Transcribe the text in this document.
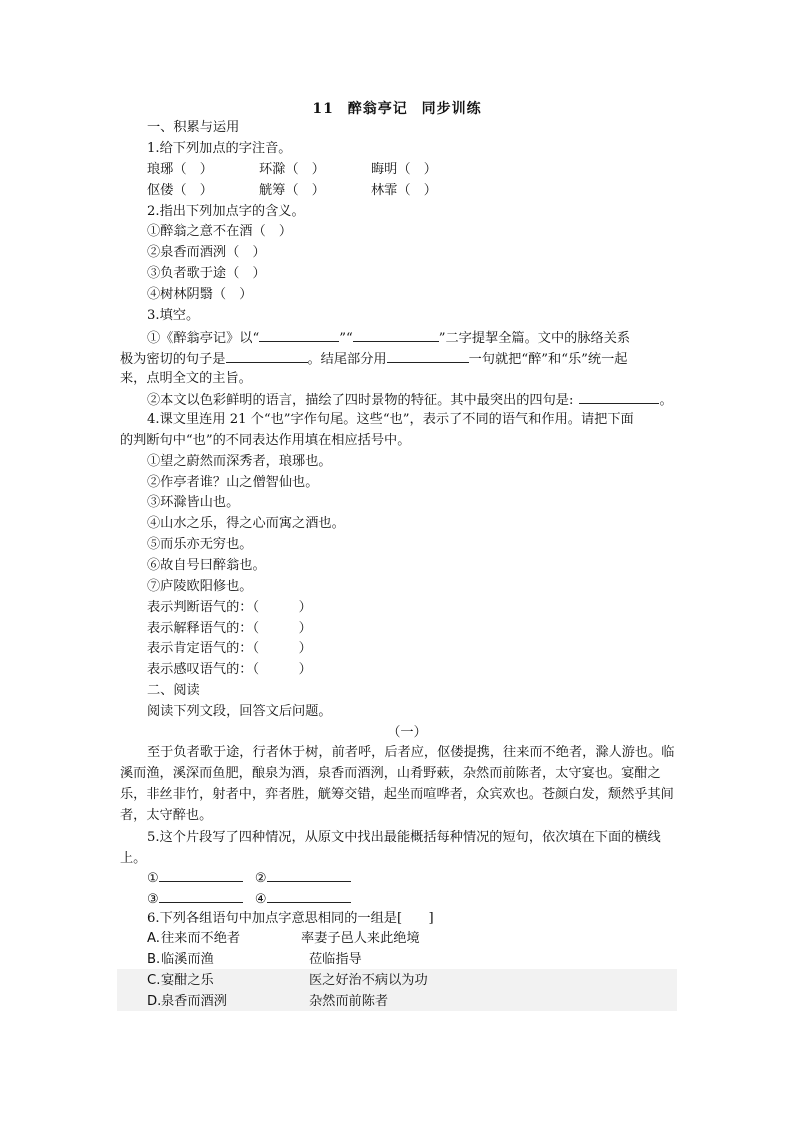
11 醉翁亭记 同步训练
一、积累与运用
1.给下列加点的字注音。
琅琊（　）	环滁（　）	晦明（　）
伛偻（　）	觥筹（　）	林霏（　）
2.指出下列加点字的含义。
①醉翁之意不在酒（　）
②泉香而酒洌（　）
③负者歌于途（　）
④树林阴翳（　）
3.填空。
①《醉翁亭记》以“	”“	”二字提挈全篇。文中的脉络关系
极为密切的句子是	。结尾部分用	一句就把“醉”和“乐”统一起
来，点明全文的主旨。
②本文以色彩鲜明的语言，描绘了四时景物的特征。其中最突出的四句是:	。
4.课文里连用 21 个“也”字作句尾。这些“也”，表示了不同的语气和作用。请把下面
的判断句中“也”的不同表达作用填在相应括号中。
①望之蔚然而深秀者，琅琊也。
②作亭者谁？山之僧智仙也。
③环滁皆山也。
④山水之乐，得之心而寓之酒也。
⑤而乐亦无穷也。
⑥故自号曰醉翁也。
⑦庐陵欧阳修也。
表示判断语气的：（　　　）
表示解释语气的：（　　　）
表示肯定语气的：（　　　）
表示感叹语气的：（　　　）
二、阅读
阅读下列文段，回答文后问题。
（一）
至于负者歌于途，行者休于树，前者呼，后者应，伛偻提携，往来而不绝者，滁人游也。临溪而渔，溪深而鱼肥，酿泉为酒，泉香而酒洌，山肴野蔌，杂然而前陈者，太守宴也。宴酣之乐，非丝非竹，射者中，弈者胜，觥筹交错，起坐而喧哗者，众宾欢也。苍颜白发，颓然乎其间者，太守醉也。
5.这个片段写了四种情况，从原文中找出最能概括每种情况的短句，依次填在下面的横线上。
①	②
③	④
6.下列各组语句中加点字意思相同的一组是[　　]
A.往来而不绝者	率妻子邑人来此绝境
B.临溪而渔	莅临指导
C.宴酣之乐	医之好治不病以为功
D.泉香而酒洌	杂然而前陈者
